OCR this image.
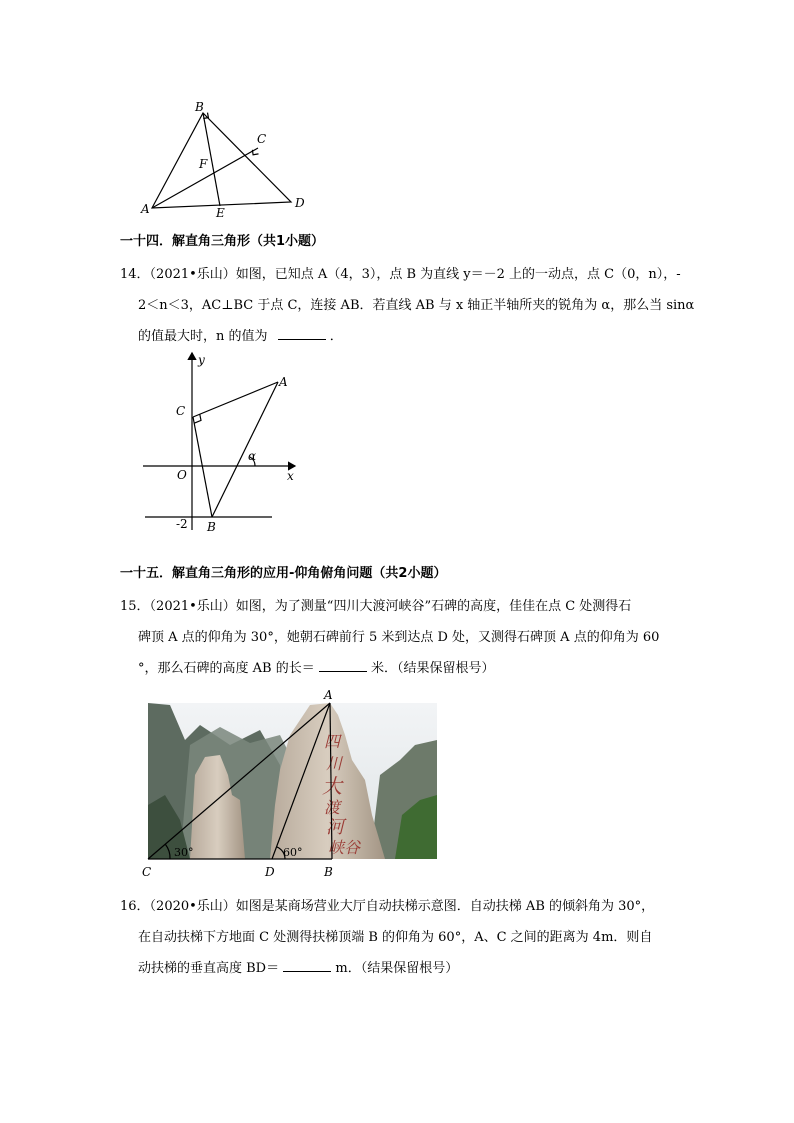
B
C
F
A	E
D
一十四．解直角三角形（共1小题）
14．（2021•乐山）如图，已知点 A（4，3），点 B 为直线 y＝－2 上的一动点，点 C（0，n），-
2＜n＜3，AC⊥BC 于点 C，连接 AB．若直线 AB 与 x 轴正半轴所夹的锐角为 α，那么当 sinα
的值最大时，n 的值为	．
y
x
A
C
O
α
-2 B
一十五．解直角三角形的应用-仰角俯角问题（共2小题）
15．（2021•乐山）如图，为了测量“四川大渡河峡谷”石碑的高度，佳佳在点 C 处测得石
碑顶 A 点的仰角为 30°，她朝石碑前行 5 米到达点 D 处，又测得石碑顶 A 点的仰角为 60
°，那么石碑的高度 AB 的长＝	米．（结果保留根号）
四
川
大
渡
河
峡谷
A
30°	60°
C	D	B
16．（2020•乐山）如图是某商场营业大厅自动扶梯示意图．自动扶梯 AB 的倾斜角为 30°，
在自动扶梯下方地面 C 处测得扶梯顶端 B 的仰角为 60°，A、C 之间的距离为 4m．则自
动扶梯的垂直高度 BD＝	m．（结果保留根号）
